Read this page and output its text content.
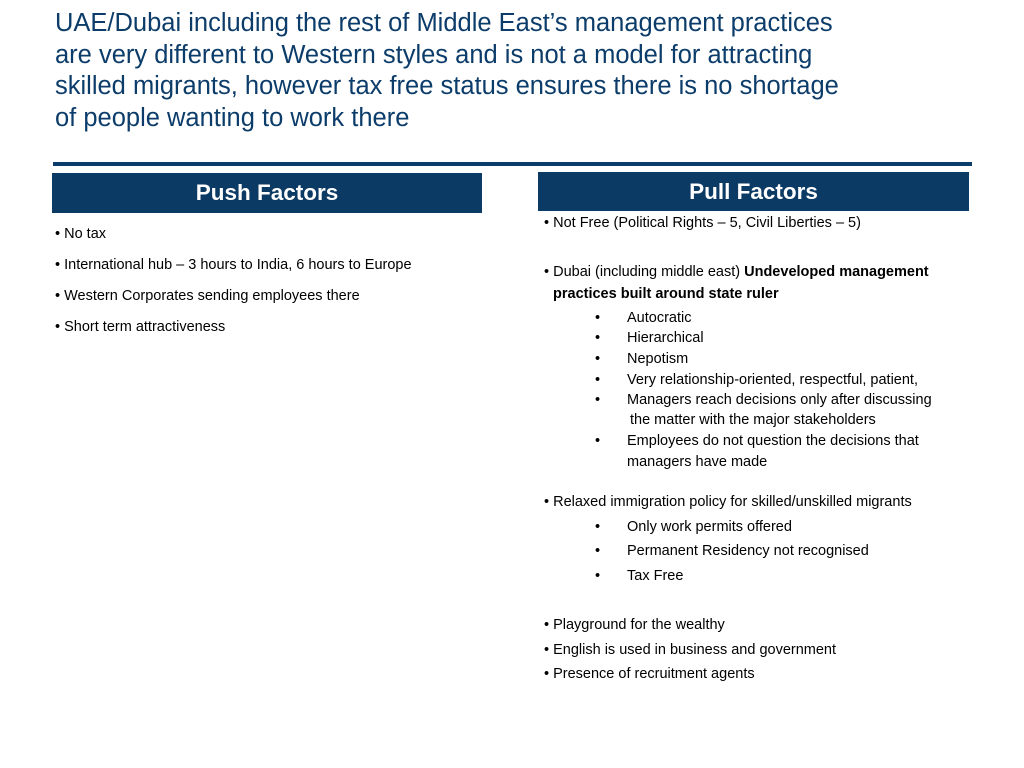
UAE/Dubai including the rest of Middle East’s management practices
are very different to Western styles and is not a model for attracting
skilled migrants, however tax free status ensures there is no shortage
of people wanting to work there
Push Factors
• No tax
• International hub – 3 hours to India, 6 hours to Europe
• Western Corporates sending employees there
• Short term attractiveness
Pull Factors
• Not Free (Political Rights – 5, Civil Liberties – 5)
• Dubai (including middle east) Undeveloped management
practices built around state ruler
• Autocratic
• Hierarchical
• Nepotism
• Very relationship-oriented, respectful, patient,
• Managers reach decisions only after discussing
the matter with the major stakeholders
• Employees do not question the decisions that
managers have made
• Relaxed immigration policy for skilled/unskilled migrants
• Only work permits offered
• Permanent Residency not recognised
• Tax Free
• Playground for the wealthy
• English is used in business and government
• Presence of recruitment agents
